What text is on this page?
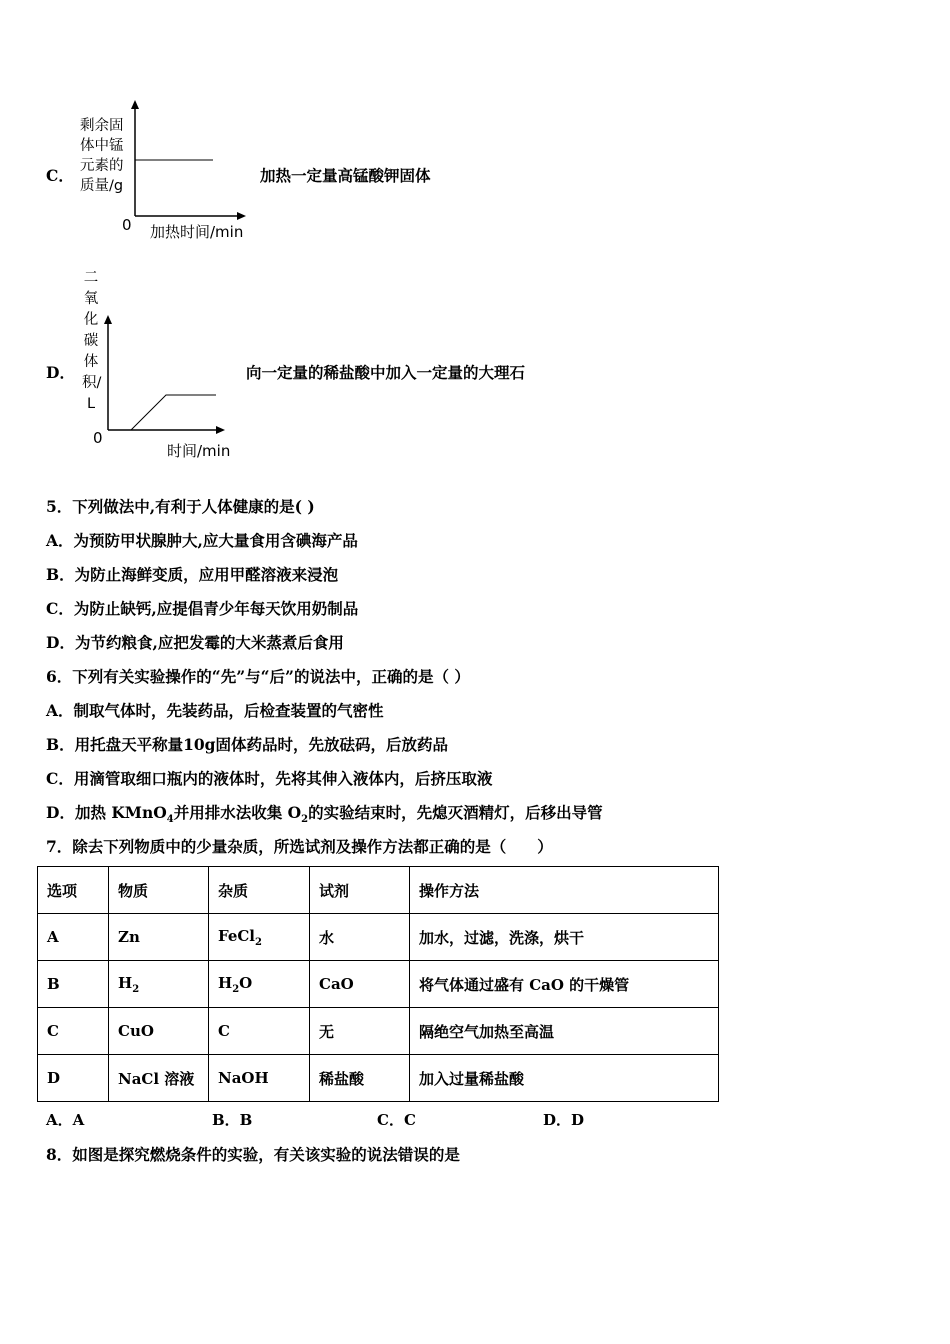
C．
剩余固
体中锰
元素的
质量/g
0 加热时间/min
加热一定量高锰酸钾固体
D．
二
氧
化
碳
体
积/
L
0
时间/min
向一定量的稀盐酸中加入一定量的大理石
5．下列做法中,有利于人体健康的是( )
A．为预防甲状腺肿大,应大量食用含碘海产品
B．为防止海鲜变质，应用甲醛溶液来浸泡
C．为防止缺钙,应提倡青少年每天饮用奶制品
D．为节约粮食,应把发霉的大米蒸煮后食用
6．下列有关实验操作的“先”与“后”的说法中，正确的是（ ）
A．制取气体时，先装药品，后检查装置的气密性
B．用托盘天平称量10g固体药品时，先放砝码，后放药品
C．用滴管取细口瓶内的液体时，先将其伸入液体内，后挤压取液
D．加热 KMnO$_4$并用排水法收集 $O_2$的实验结束时，先熄灭酒精灯，后移出导管
7．除去下列物质中的少量杂质，所选试剂及操作方法都正确的是（　　）
选项	物质	杂质	试剂	操作方法
A	Zn	FeCl$_2$	水	加水，过滤，洗涤，烘干
B	$H_2$	$H_2O$	CaO	将气体通过盛有 CaO 的干燥管
C	CuO	C	无	隔绝空气加热至高温
D	NaCl 溶液	NaOH	稀盐酸	加入过量稀盐酸
A．A	B．B	C．C	D．D
8．如图是探究燃烧条件的实验，有关该实验的说法错误的是
